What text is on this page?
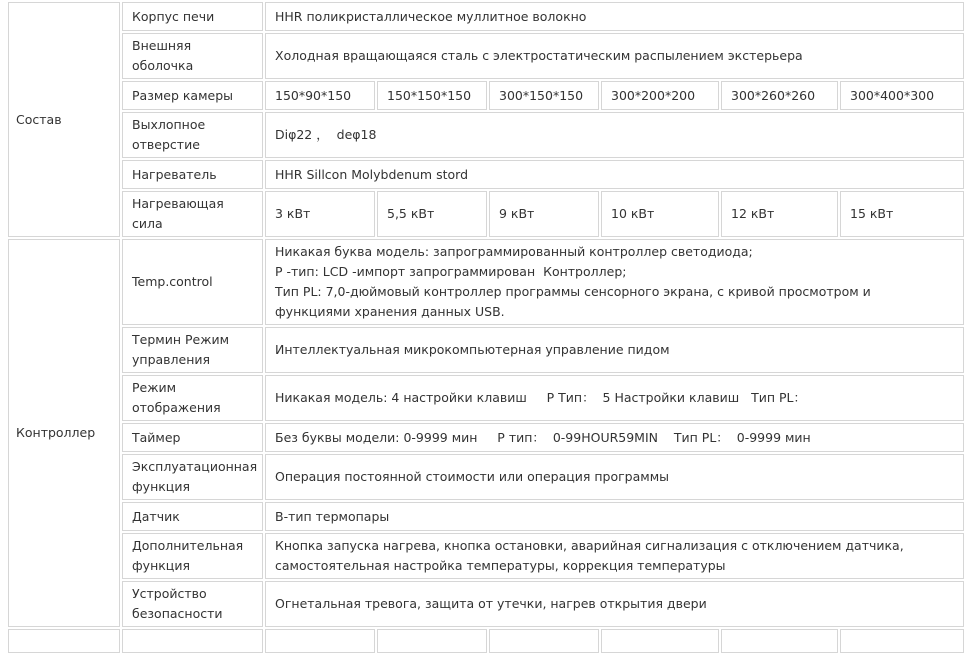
Состав	Корпус печи	HHR поликристаллическое муллитное волокно					
	Внешняя
оболочка	Холодная вращающаяся сталь с электростатическим распылением экстерьера					
	Размер камеры	150*90*150	150*150*150	300*150*150	300*200*200	300*260*260	300*400*300
	Выхлопное
отверстие	Diφ22 ，  deφ18					
	Нагреватель	HHR Sillcon Molybdenum stord					
	Нагревающая
сила	3 кВт	5,5 кВт	9 кВт	10 кВт	12 кВт	15 кВт
Контроллер	Temp.control	Никакая буква модель: запрограммированный контроллер светодиода;
P -тип: LCD -импорт запрограммирован  Контроллер;
Тип PL: 7,0-дюймовый контроллер программы сенсорного экрана, с кривой просмотром и
функциями хранения данных USB.					
	Термин Режим
управления	Интеллектуальная микрокомпьютерная управление пидом					
	Режим
отображения	Никакая модель: 4 настройки клавиш     P Тип：  5 Настройки клавиш   Тип PL：					
	Таймер	Без буквы модели: 0-9999 мин     P тип：  0-99HOUR59MIN    Тип PL：  0-9999 мин					
	Эксплуатационная
функция	Операция постоянной стоимости или операция программы					
	Датчик	B-тип термопары					
	Дополнительная
функция	Кнопка запуска нагрева, кнопка остановки, аварийная сигнализация с отключением датчика,
самостоятельная настройка температуры, коррекция температуры					
	Устройство
безопасности	Огнетальная тревога, защита от утечки, нагрев открытия двери					
